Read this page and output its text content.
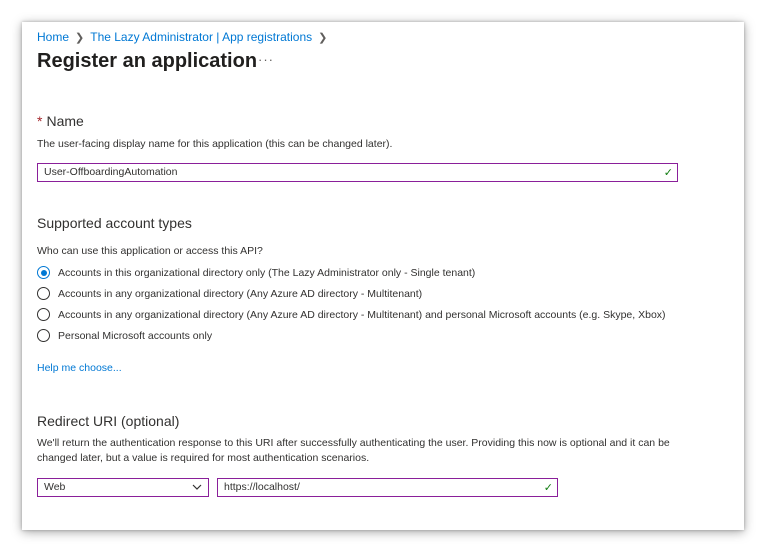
Home ❯ The Lazy Administrator | App registrations ❯
Register an application ···
* Name
The user-facing display name for this application (this can be changed later).
User-OffboardingAutomation	✓
Supported account types
Who can use this application or access this API?
Accounts in this organizational directory only (The Lazy Administrator only - Single tenant)
Accounts in any organizational directory (Any Azure AD directory - Multitenant)
Accounts in any organizational directory (Any Azure AD directory - Multitenant) and personal Microsoft accounts (e.g. Skype, Xbox)
Personal Microsoft accounts only
Help me choose...
Redirect URI (optional)
We'll return the authentication response to this URI after successfully authenticating the user. Providing this now is optional and it can be
changed later, but a value is required for most authentication scenarios.
Web	https://localhost/	✓
